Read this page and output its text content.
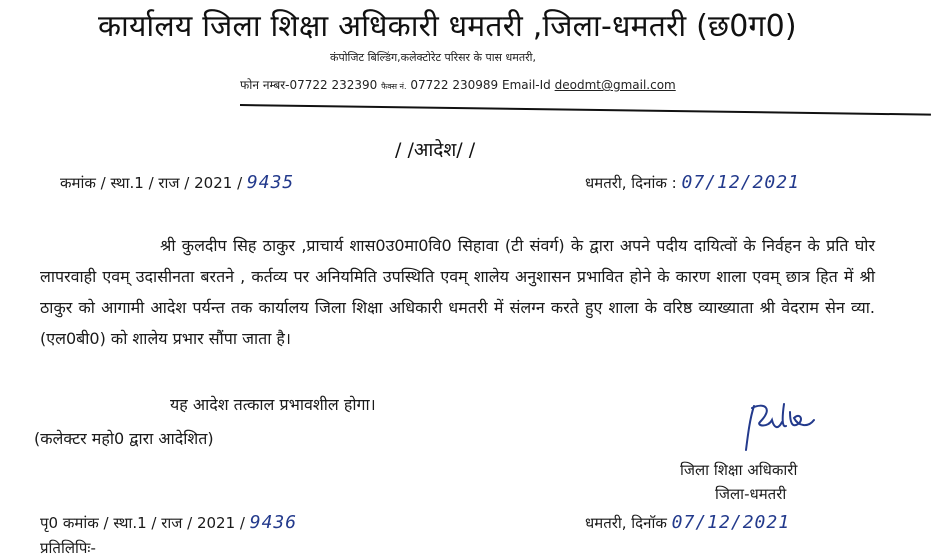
कार्यालय जिला शिक्षा अधिकारी धमतरी ,जिला-धमतरी (छ0ग0)
कंपोजिट बिल्डिंग,कलेक्टोरेट परिसर के पास धमतरी,
फोन नम्बर-07722 232390 फैक्स नं. 07722 230989 Email-Id deodmt@gmail.com
/ /आदेश/ /
कमांक / स्था.1 / राज / 2021 / 9435	धमतरी, दिनांक : 07/12/2021
श्री कुलदीप सिह ठाकुर ,प्राचार्य शास0उ0मा0वि0 सिहावा (टी संवर्ग) के द्वारा अपने पदीय दायित्वों के निर्वहन के प्रति घोर लापरवाही एवम् उदासीनता बरतने , कर्तव्य पर अनियमिति उपस्थिति एवम् शालेय अनुशासन प्रभावित होने के कारण शाला एवम् छात्र हित में श्री ठाकुर को आगामी आदेश पर्यन्त तक कार्यालय जिला शिक्षा अधिकारी धमतरी में संलग्न करते हुए शाला के वरिष्ठ व्याख्याता श्री वेदराम सेन व्या.(एल0बी0) को शालेय प्रभार सौंपा जाता है।
यह आदेश तत्काल प्रभावशील होगा।
(कलेक्टर महो0 द्वारा आदेशित)
जिला शिक्षा अधिकारी
जिला-धमतरी
पृ0 कमांक / स्था.1 / राज / 2021 / 9436	धमतरी, दिनॉक 07/12/2021
प्रतिलिपिः-
